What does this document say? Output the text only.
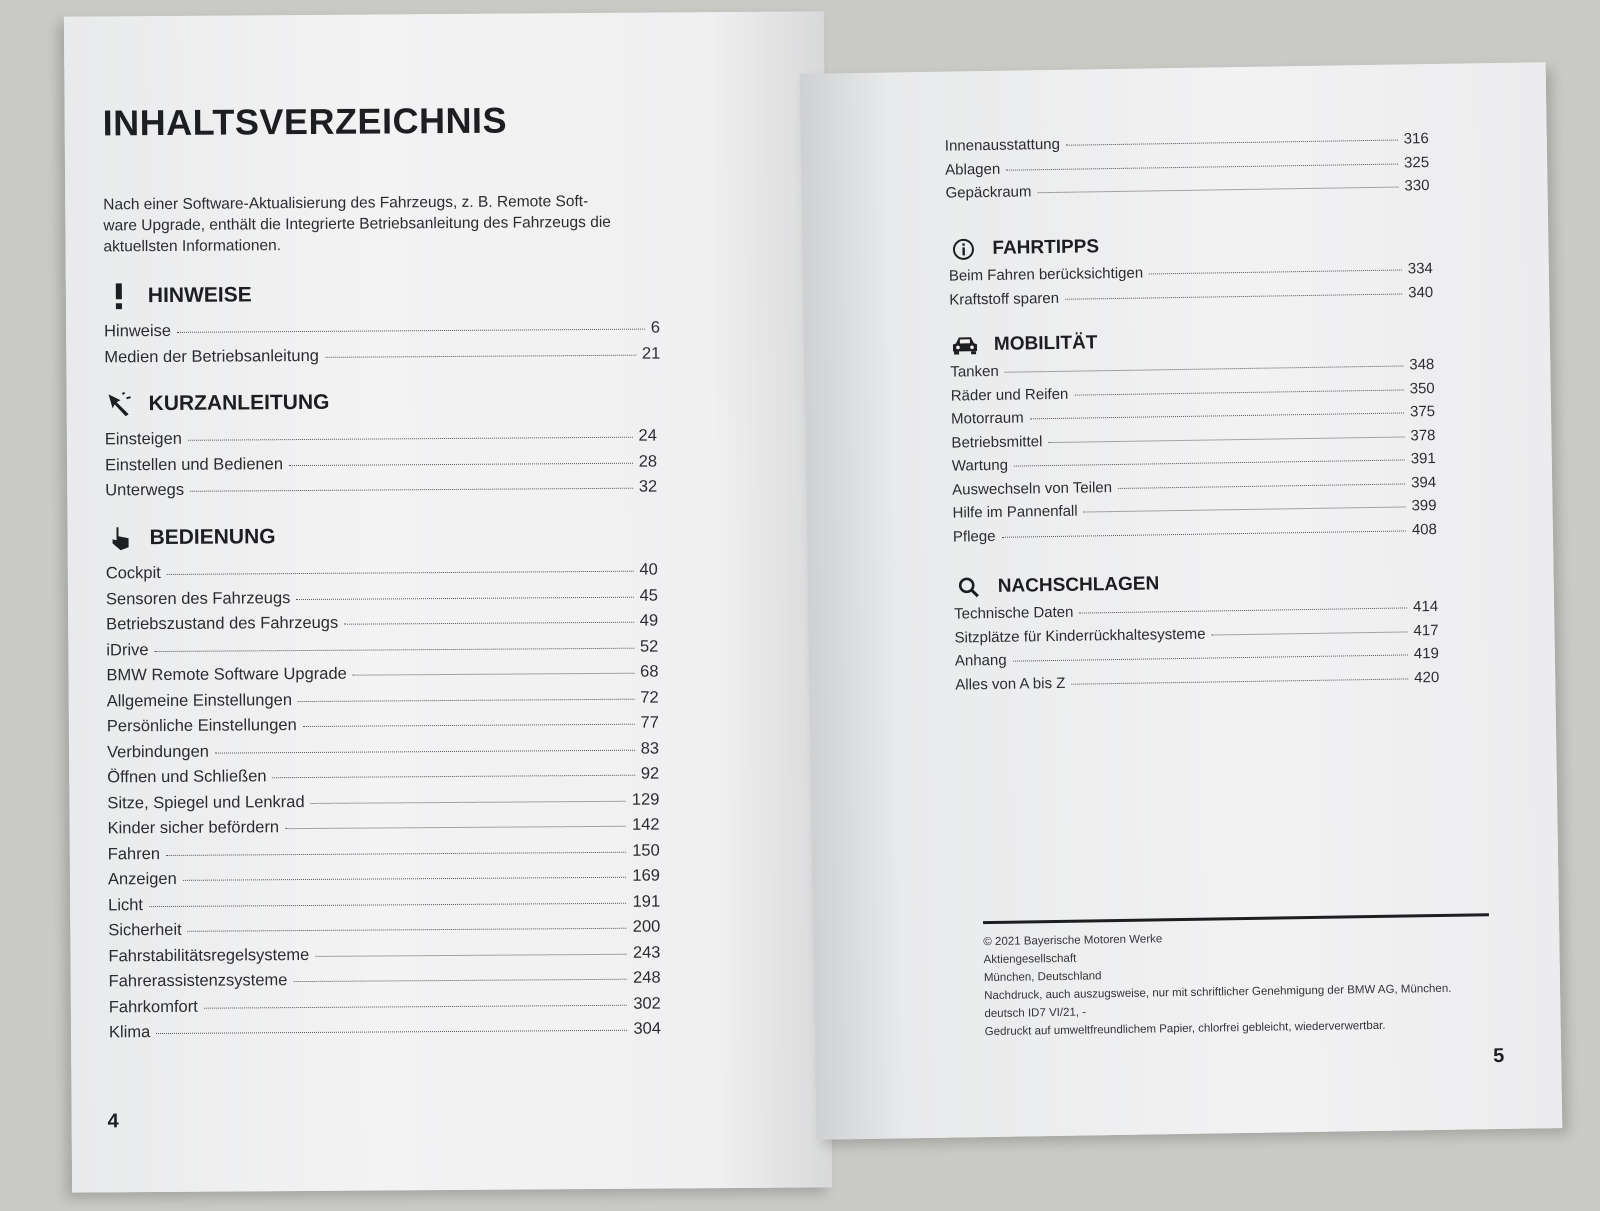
INHALTSVERZEICHNIS
Nach einer Software-Aktualisierung des Fahrzeugs, z. B. Remote Soft-
ware Upgrade, enthält die Integrierte Betriebsanleitung des Fahrzeugs die
aktuellsten Informationen.
HINWEISE
Hinweise	6
Medien der Betriebsanleitung	21
KURZANLEITUNG
Einsteigen	24
Einstellen und Bedienen	28
Unterwegs	32
BEDIENUNG
Cockpit	40
Sensoren des Fahrzeugs	45
Betriebszustand des Fahrzeugs	49
iDrive	52
BMW Remote Software Upgrade	68
Allgemeine Einstellungen	72
Persönliche Einstellungen	77
Verbindungen	83
Öffnen und Schließen	92
Sitze, Spiegel und Lenkrad	129
Kinder sicher befördern	142
Fahren	150
Anzeigen	169
Licht	191
Sicherheit	200
Fahrstabilitätsregelsysteme	243
Fahrerassistenzsysteme	248
Fahrkomfort	302
Klima	304
4
Innenausstattung	316
Ablagen	325
Gepäckraum	330
FAHRTIPPS
Beim Fahren berücksichtigen	334
Kraftstoff sparen	340
MOBILITÄT
Tanken	348
Räder und Reifen	350
Motorraum	375
Betriebsmittel	378
Wartung	391
Auswechseln von Teilen	394
Hilfe im Pannenfall	399
Pflege	408
NACHSCHLAGEN
Technische Daten	414
Sitzplätze für Kinderrückhaltesysteme	417
Anhang	419
Alles von A bis Z	420
© 2021 Bayerische Motoren Werke
Aktiengesellschaft
München, Deutschland
Nachdruck, auch auszugsweise, nur mit schriftlicher Genehmigung der BMW AG, München.
deutsch ID7 VI/21, -
Gedruckt auf umweltfreundlichem Papier, chlorfrei gebleicht, wiederverwertbar.
5
